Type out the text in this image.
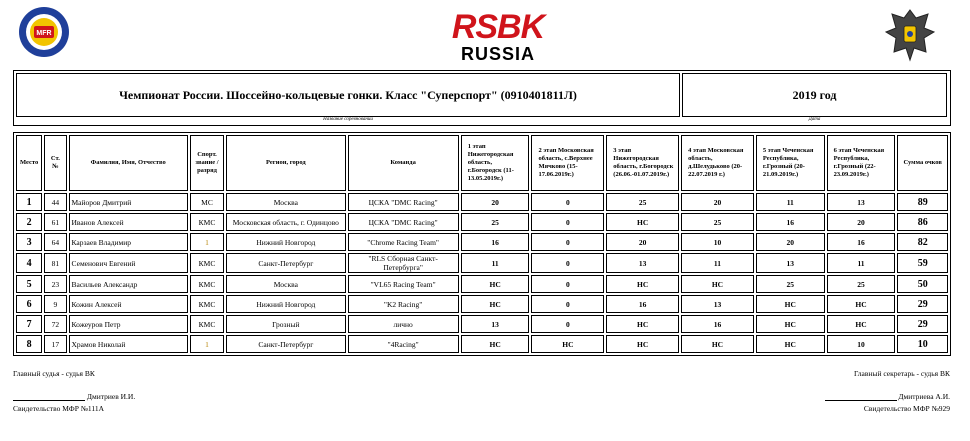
MFR	RSBK
RUSSIA
Чемпионат России. Шоссейно-кольцевые гонки. Класс "Суперспорт" (0910401811Л)	2019 год
Название соревнований	Дата
Место	Ст. №	Фамилия, Имя, Отчество	Спорт. звание / разряд	Регион, город	Команда	1 этап Нижегородская область, г.Богородск (11-13.05.2019г.)	2 этап Московская область, с.Верхнее Мячково (15-17.06.2019г.)	3 этап Нижегородская область, г.Богородск (26.06.-01.07.2019г.)	4 этап Московская область, д.Шелудьково (20-22.07.2019 г.)	5 этап Чеченская Республика, г.Грозный (20-21.09.2019г.)	6 этап Чеченская Республика, г.Грозный (22-23.09.2019г.)	Сумма очков
1	44	Майоров Дмитрий	МС	Москва	ЦСКА "DMC Racing"	20	0	25	20	11	13	89
2	61	Иванов Алексей	КМС	Московская область, г. Одинцово	ЦСКА "DMC Racing"	25	0	НС	25	16	20	86
3	64	Карзаев Владимир	1	Нижний Новгород	"Chrome Racing Team"	16	0	20	10	20	16	82
4	81	Семенович Евгений	КМС	Санкт-Петербург	"RLS Сборная Санкт-Петербурга"	11	0	13	11	13	11	59
5	23	Васильев Александр	КМС	Москва	"VL65 Racing Team"	НС	0	НС	НС	25	25	50
6	9	Кожин Алексей	КМС	Нижний Новгород	"K2 Racing"	НС	0	16	13	НС	НС	29
7	72	Кожеуров Петр	КМС	Грозный	лично	13	0	НС	16	НС	НС	29
8	17	Храмов Николай	1	Санкт-Петербург	"4Racing"	НС	НС	НС	НС	НС	10	10
Главный судья - судья ВК
Дмитриев И.И.
Свидетельство МФР №111А
Главный секретарь - судья ВК
Дмитриева А.И.
Свидетельство МФР №929
